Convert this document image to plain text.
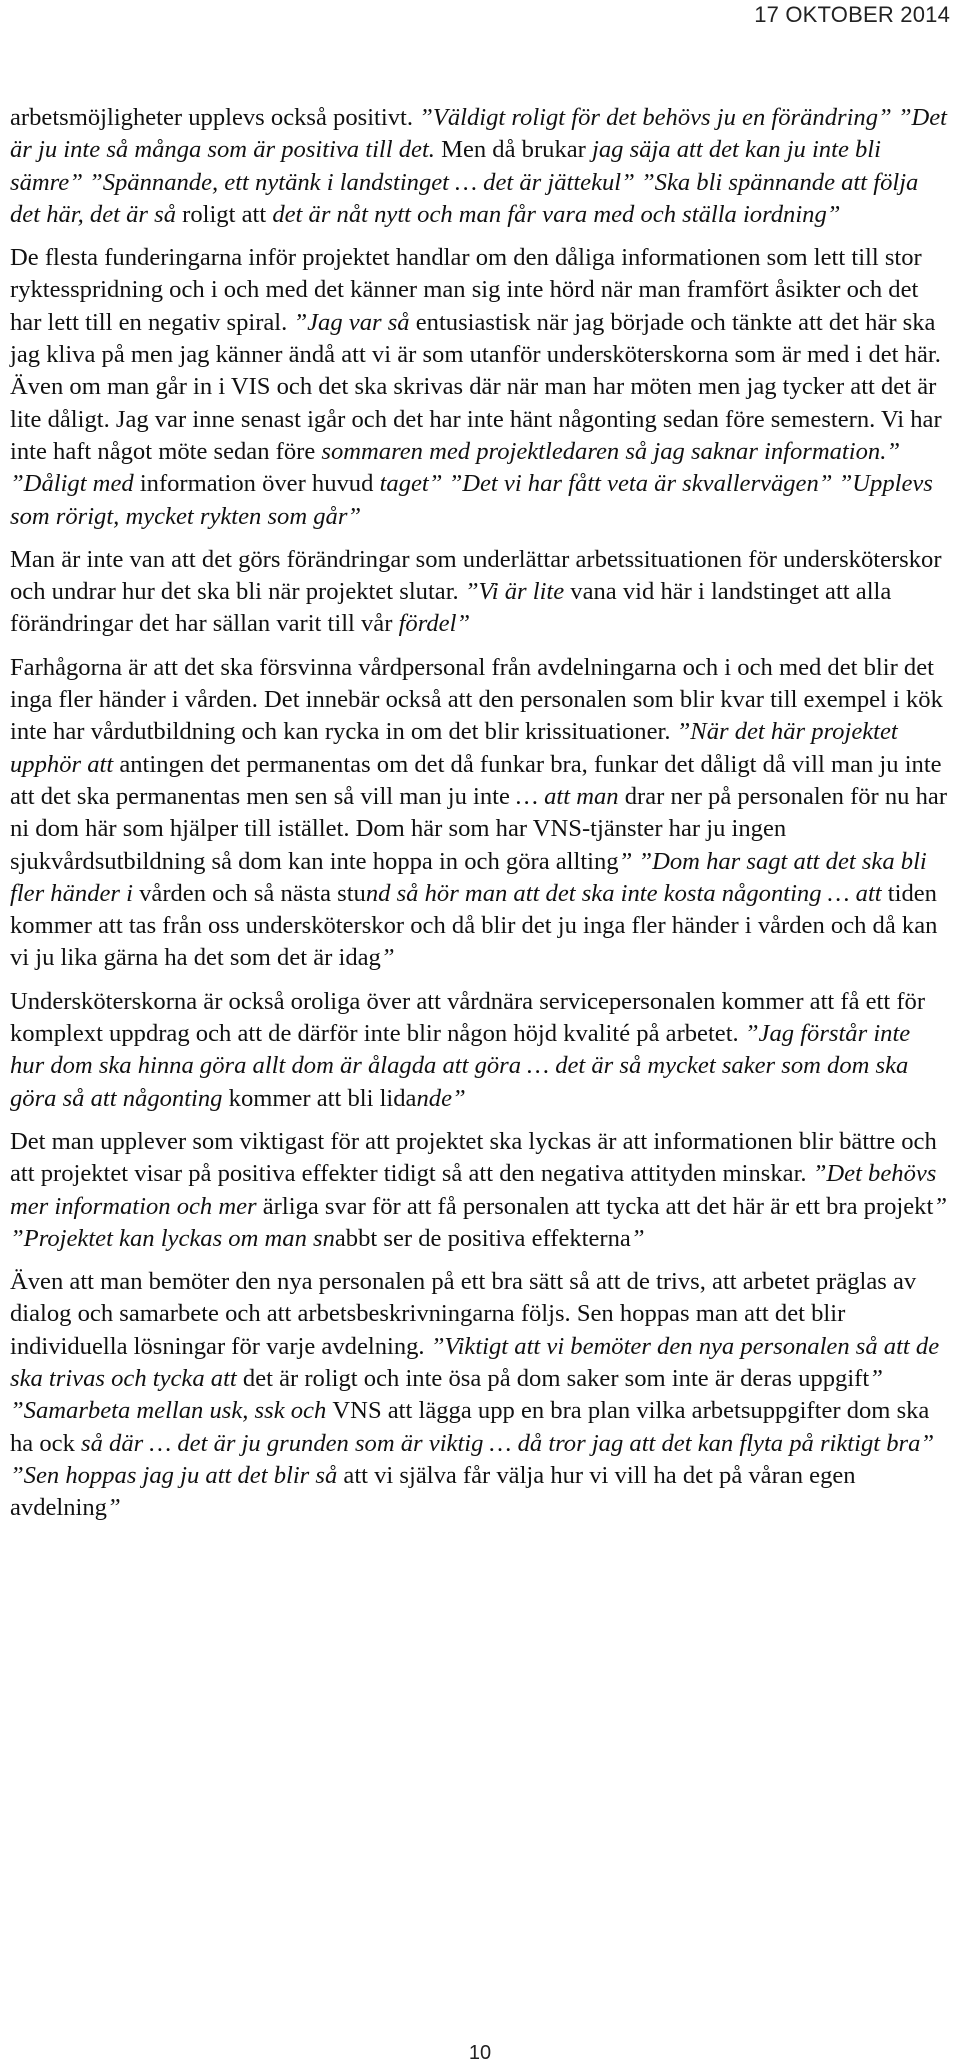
17 OKTOBER 2014

arbetsmöjligheter upplevs också positivt. ”Väldigt roligt för det behövs ju en förändring” ”Det är ju inte så många som är positiva till det. Men då brukar jag säja att det kan ju inte bli sämre” ”Spännande, ett nytänk i landstinget … det är jättekul” ”Ska bli spännande att följa det här, det är så roligt att det är nåt nytt och man får vara med och ställa iordning”

De flesta funderingarna inför projektet handlar om den dåliga informationen som lett till stor ryktesspridning och i och med det känner man sig inte hörd när man framfört åsikter och det har lett till en negativ spiral. ”Jag var så entusiastisk när jag började och tänkte att det här ska jag kliva på men jag känner ändå att vi är som utanför undersköterskorna som är med i det här. Även om man går in i VIS och det ska skrivas där när man har möten men jag tycker att det är lite dåligt. Jag var inne senast igår och det har inte hänt någonting sedan före semestern. Vi har inte haft något möte sedan före sommaren med projektledaren så jag saknar information.” ”Dåligt med information över huvud taget” ”Det vi har fått veta är skvallervägen” ”Upplevs som rörigt, mycket rykten som går”

Man är inte van att det görs förändringar som underlättar arbetssituationen för undersköterskor och undrar hur det ska bli när projektet slutar. ”Vi är lite vana vid här i landstinget att alla förändringar det har sällan varit till vår fördel”

Farhågorna är att det ska försvinna vårdpersonal från avdelningarna och i och med det blir det inga fler händer i vården. Det innebär också att den personalen som blir kvar till exempel i kök inte har vårdutbildning och kan rycka in om det blir krissituationer. ”När det här projektet upphör att antingen det permanentas om det då funkar bra, funkar det dåligt då vill man ju inte att det ska permanentas men sen så vill man ju inte … att man drar ner på personalen för nu har ni dom här som hjälper till istället. Dom här som har VNS-tjänster har ju ingen sjukvårdsutbildning så dom kan inte hoppa in och göra allting” ”Dom har sagt att det ska bli fler händer i vården och så nästa stund så hör man att det ska inte kosta någonting … att tiden kommer att tas från oss undersköterskor och då blir det ju inga fler händer i vården och då kan vi ju lika gärna ha det som det är idag”

Undersköterskorna är också oroliga över att vårdnära servicepersonalen kommer att få ett för komplext uppdrag och att de därför inte blir någon höjd kvalité på arbetet. ”Jag förstår inte hur dom ska hinna göra allt dom är ålagda att göra … det är så mycket saker som dom ska göra så att någonting kommer att bli lidande”

Det man upplever som viktigast för att projektet ska lyckas är att informationen blir bättre och att projektet visar på positiva effekter tidigt så att den negativa attityden minskar. ”Det behövs mer information och mer ärliga svar för att få personalen att tycka att det här är ett bra projekt” ”Projektet kan lyckas om man snabbt ser de positiva effekterna”

Även att man bemöter den nya personalen på ett bra sätt så att de trivs, att arbetet präglas av dialog och samarbete och att arbetsbeskrivningarna följs. Sen hoppas man att det blir individuella lösningar för varje avdelning. ”Viktigt att vi bemöter den nya personalen så att de ska trivas och tycka att det är roligt och inte ösa på dom saker som inte är deras uppgift” ”Samarbeta mellan usk, ssk och VNS att lägga upp en bra plan vilka arbetsuppgifter dom ska ha ock så där … det är ju grunden som är viktig … då tror jag att det kan flyta på riktigt bra” ”Sen hoppas jag ju att det blir så att vi själva får välja hur vi vill ha det på våran egen avdelning”

10
